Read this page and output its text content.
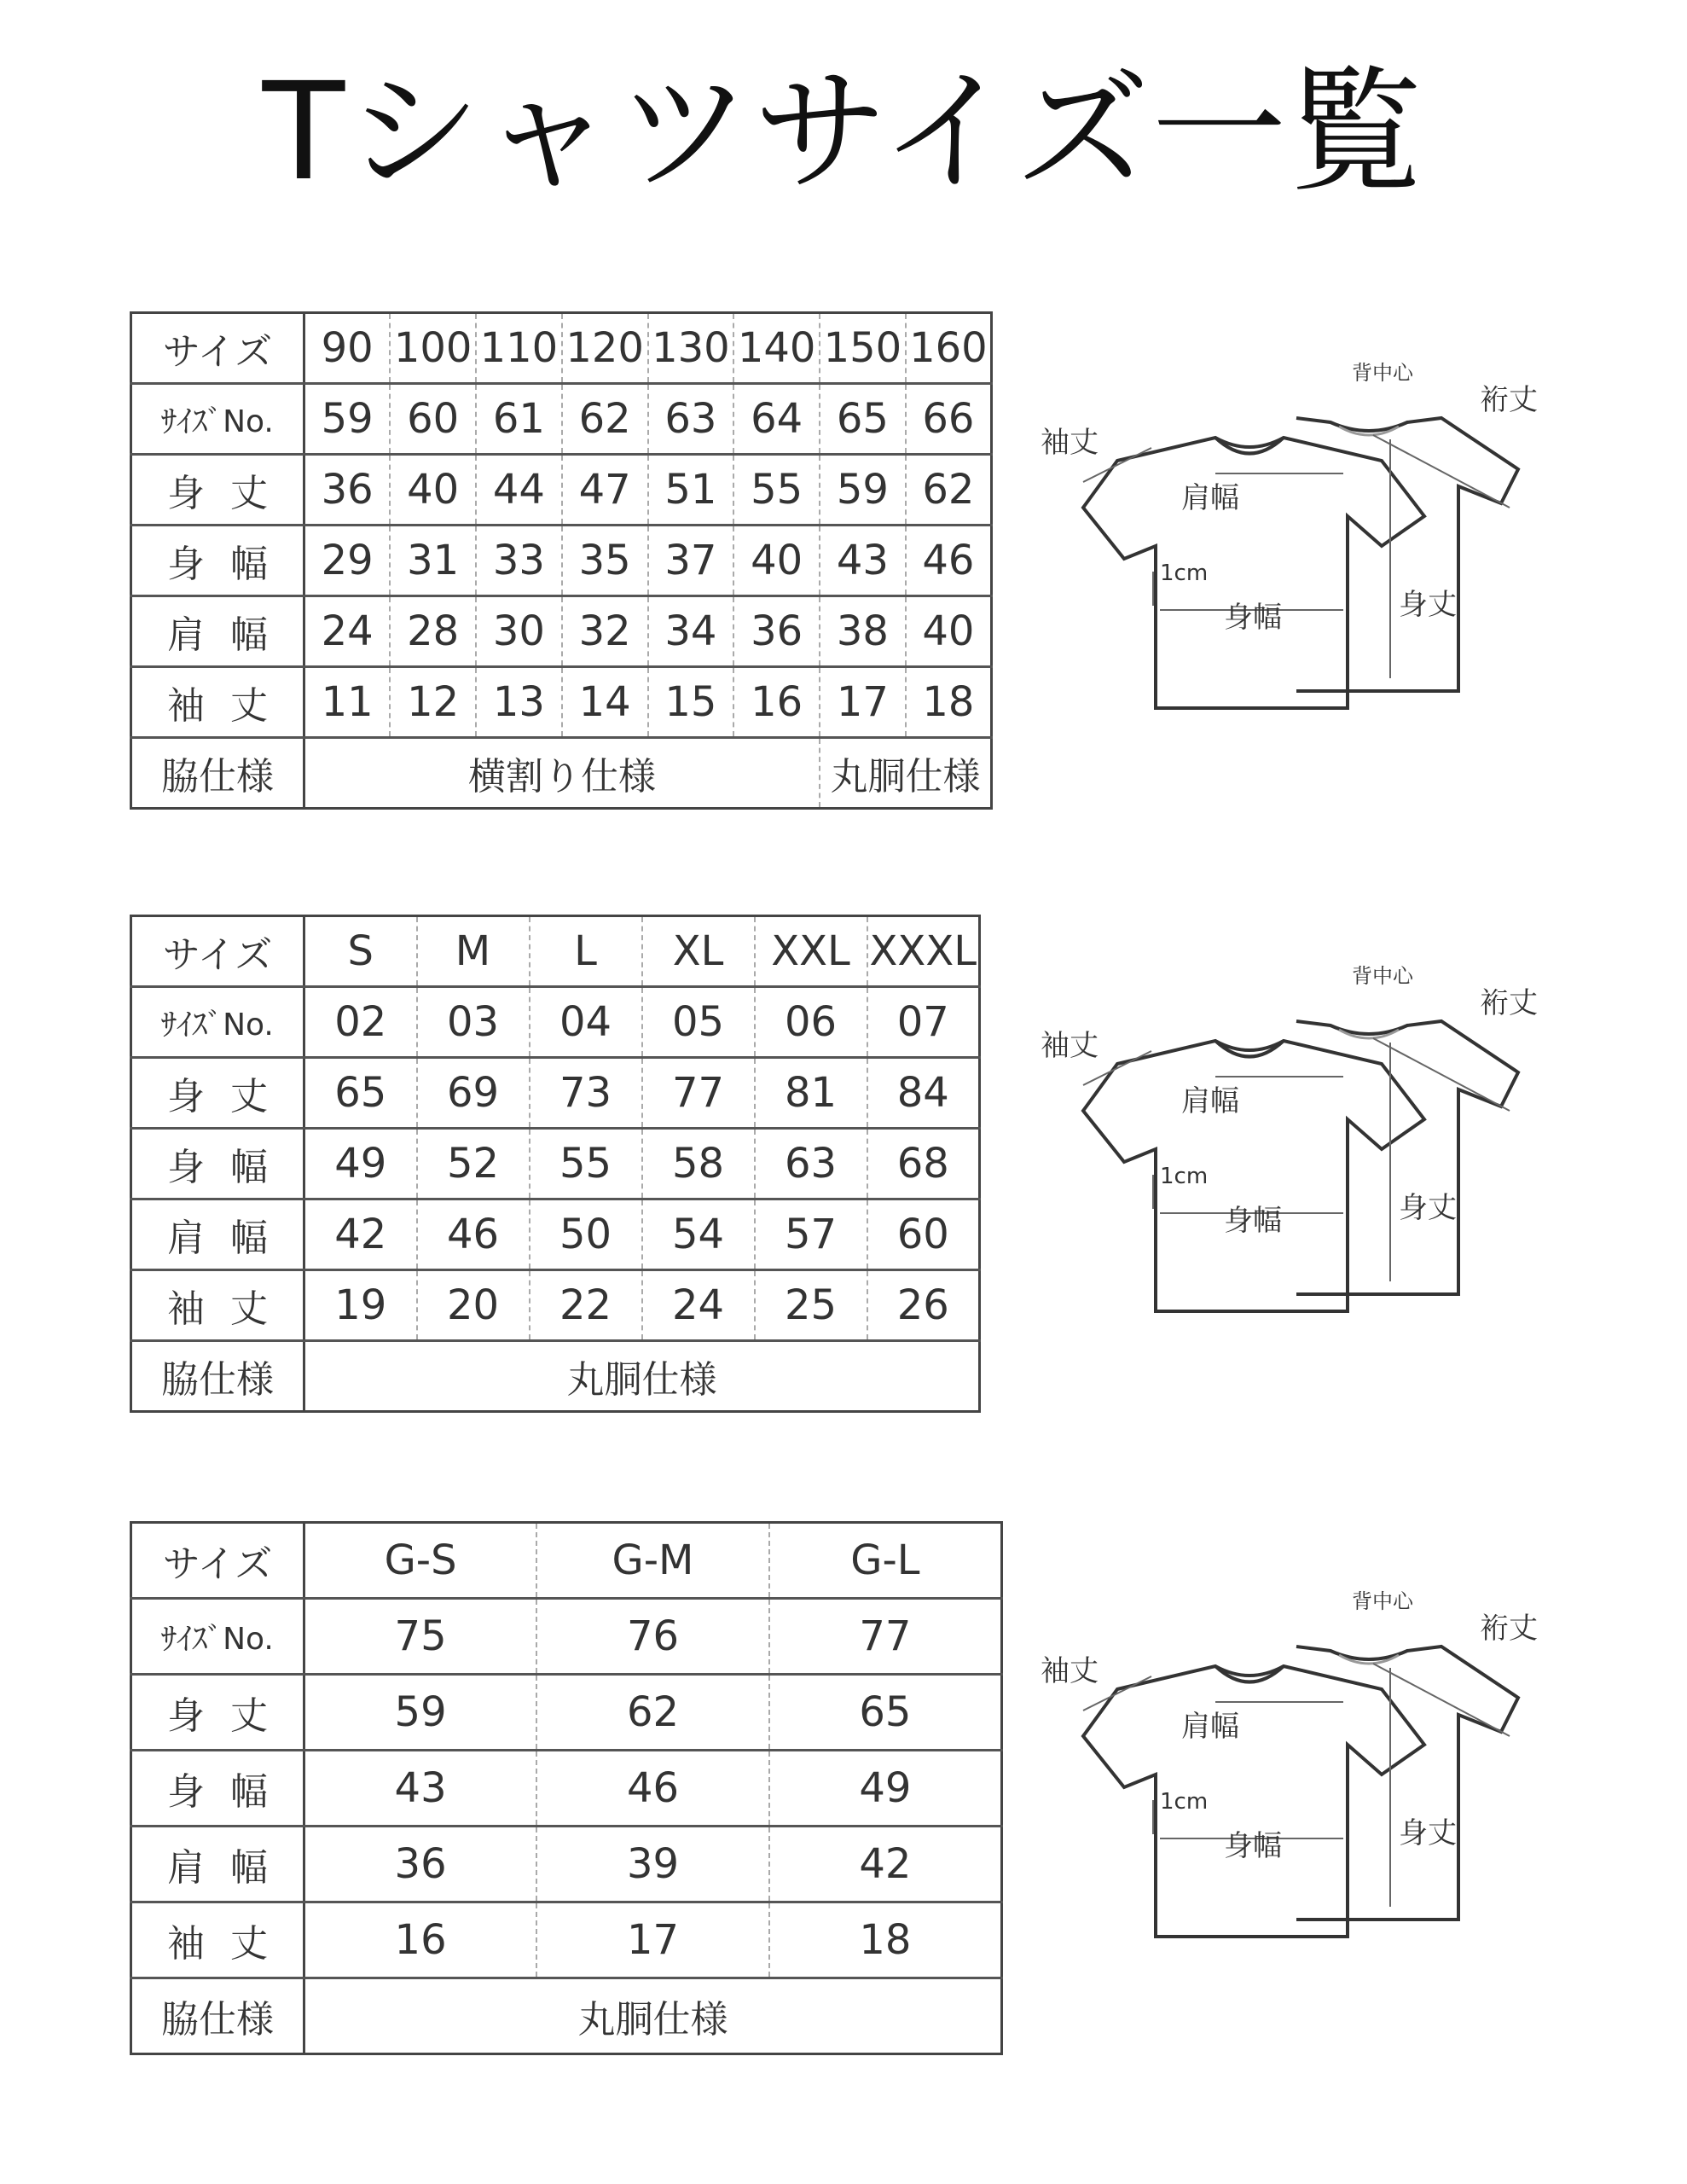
Tシャツサイズ一覧
サイズ	90	100	110	120	130	140	150	160
ｻｲｽﾞNo.	59	60	61	62	63	64	65	66
身丈	36	40	44	47	51	55	59	62
身幅	29	31	33	35	37	40	43	46
肩幅	24	28	30	32	34	36	38	40
袖丈	11	12	13	14	15	16	17	18
脇仕様	横割り仕様						丸胴仕様	
サイズ	S	M	L	XL	XXL	XXXL
ｻｲｽﾞNo.	02	03	04	05	06	07
身丈	65	69	73	77	81	84
身幅	49	52	55	58	63	68
肩幅	42	46	50	54	57	60
袖丈	19	20	22	24	25	26
脇仕様	丸胴仕様					
サイズ	G-S	G-M	G-L
ｻｲｽﾞNo.	75	76	77
身丈	59	62	65
身幅	43	46	49
肩幅	36	39	42
袖丈	16	17	18
脇仕様	丸胴仕様		
背中心
裄丈
袖丈
肩幅
1cm
身幅	身丈
背中心
裄丈
袖丈
肩幅
1cm
身幅	身丈
背中心
裄丈
袖丈
肩幅
1cm
身幅	身丈
